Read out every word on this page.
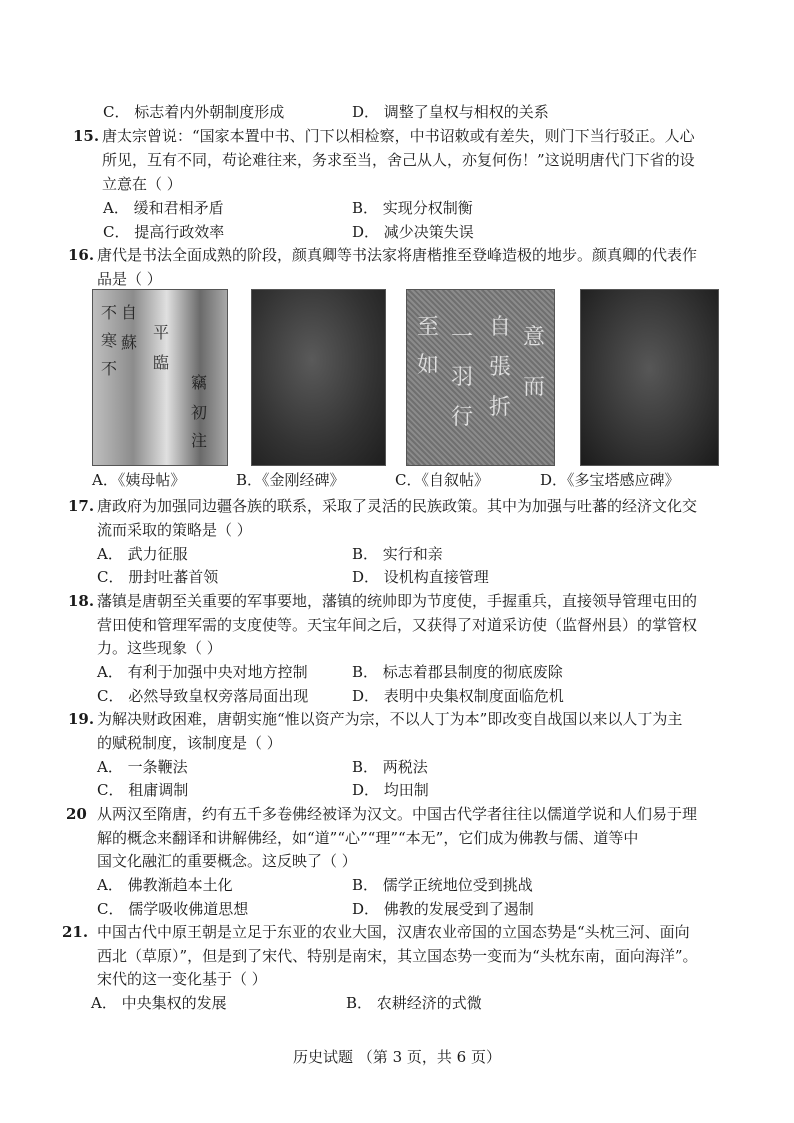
C． 标志着内外朝制度形成	D． 调整了皇权与相权的关系
15. 唐太宗曾说：“国家本置中书、门下以相检察，中书诏敕或有差失，则门下当行驳正。人心
所见，互有不同，苟论难往来，务求至当，舍己从人，亦复何伤！”这说明唐代门下省的设
立意在（ ）
A． 缓和君相矛盾	B． 实现分权制衡
C． 提高行政效率	D． 减少决策失误
16. 唐代是书法全面成熟的阶段，颜真卿等书法家将唐楷推至登峰造极的地步。颜真卿的代表作
品是（ ）
不
寒
不
自
蘇
平
臨
竊
初
注
至
如
一
羽
行
自
張
折
意
而
A．《姨母帖》	B．《金刚经碑》	C．《自叙帖》	D．《多宝塔感应碑》
17. 唐政府为加强同边疆各族的联系，采取了灵活的民族政策。其中为加强与吐蕃的经济文化交
流而采取的策略是（ ）
A． 武力征服	B． 实行和亲
C． 册封吐蕃首领	D． 设机构直接管理
18. 藩镇是唐朝至关重要的军事要地，藩镇的统帅即为节度使，手握重兵，直接领导管理屯田的
营田使和管理军需的支度使等。天宝年间之后，又获得了对道采访使（监督州县）的掌管权
力。这些现象（ ）
A． 有利于加强中央对地方控制	B． 标志着郡县制度的彻底废除
C． 必然导致皇权旁落局面出现	D． 表明中央集权制度面临危机
19. 为解决财政困难，唐朝实施“惟以资产为宗，不以人丁为本”即改变自战国以来以人丁为主
的赋税制度，该制度是（ ）
A． 一条鞭法	B． 两税法
C． 租庸调制	D． 均田制
20 从两汉至隋唐，约有五千多卷佛经被译为汉文。中国古代学者往往以儒道学说和人们易于理
解的概念来翻译和讲解佛经，如“道”“心”“理”“本无”，它们成为佛教与儒、道等中
国文化融汇的重要概念。这反映了（ ）
A． 佛教渐趋本土化	B． 儒学正统地位受到挑战
C． 儒学吸收佛道思想	D． 佛教的发展受到了遏制
21. 中国古代中原王朝是立足于东亚的农业大国，汉唐农业帝国的立国态势是“头枕三河、面向
西北（草原）”，但是到了宋代、特别是南宋，其立国态势一变而为“头枕东南，面向海洋”。
宋代的这一变化基于（ ）
A． 中央集权的发展	B． 农耕经济的式微
历史试题 （第 3 页，共 6 页）
